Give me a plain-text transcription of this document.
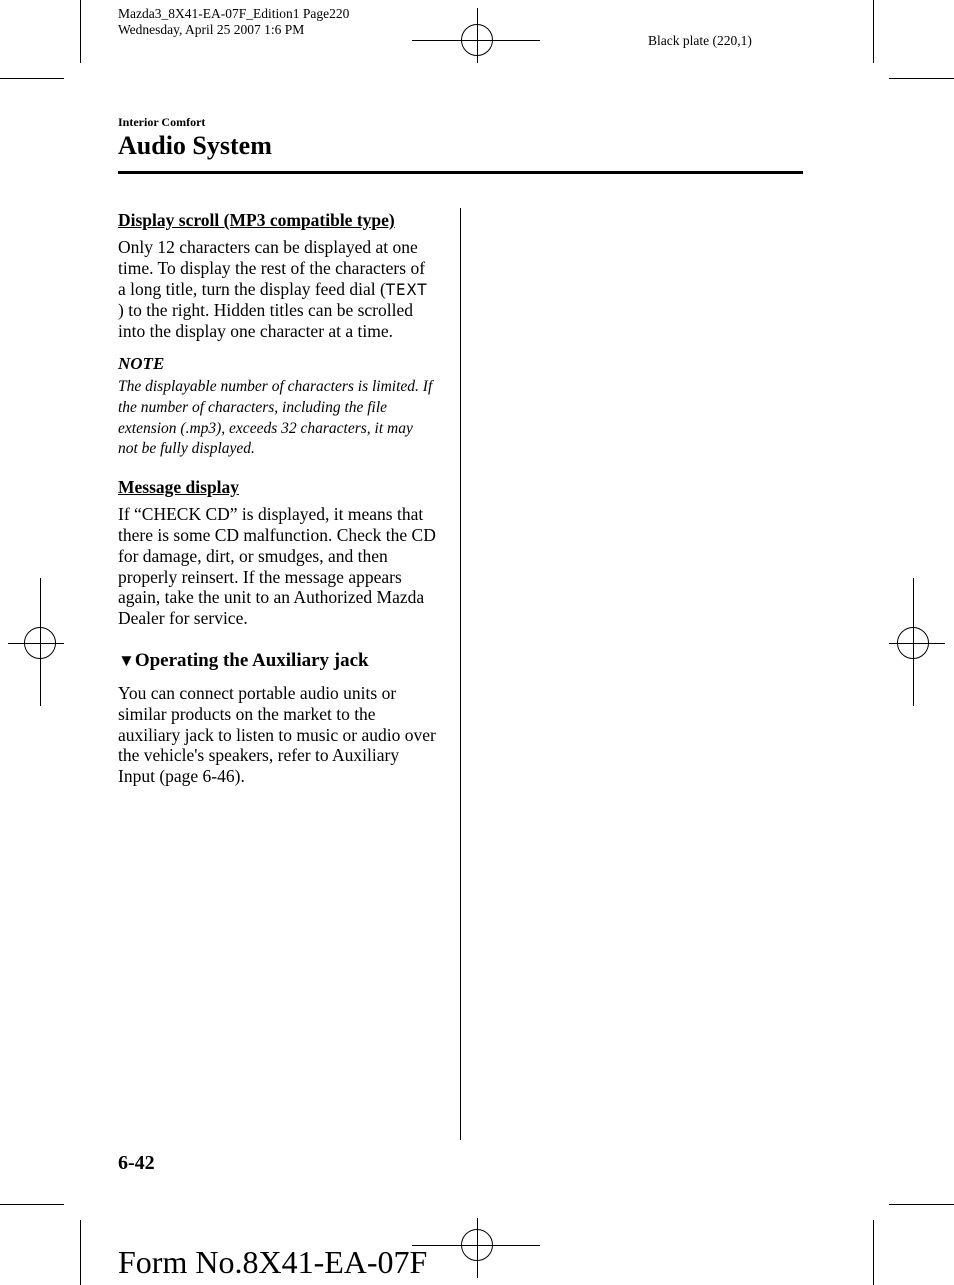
Mazda3_8X41-EA-07F_Edition1 Page220
Wednesday, April 25 2007 1:6 PM
Black plate (220,1)
Interior Comfort
Audio System

Display scroll (MP3 compatible type)

Only 12 characters can be displayed at one time. To display the rest of the characters of a long title, turn the display feed dial (TEXT ) to the right. Hidden titles can be scrolled into the display one character at a time.

NOTE

The displayable number of characters is limited. If the number of characters, including the file extension (.mp3), exceeds 32 characters, it may not be fully displayed.

Message display

If “CHECK CD” is displayed, it means that there is some CD malfunction. Check the CD for damage, dirt, or smudges, and then properly reinsert. If the message appears again, take the unit to an Authorized Mazda Dealer for service.

▼Operating the Auxiliary jack

You can connect portable audio units or similar products on the market to the auxiliary jack to listen to music or audio over the vehicle's speakers, refer to Auxiliary Input (page 6-46).

6-42
Form No.8X41-EA-07F
